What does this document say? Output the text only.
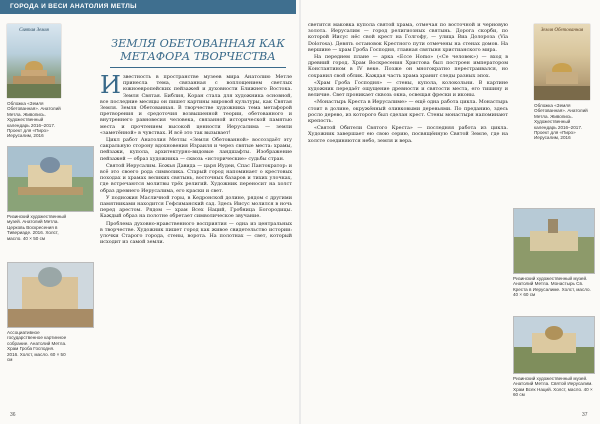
ГОРОДА И ВЕСИ АНАТОЛИЯ МЕТЛЫ
Святая Земля
Обложка «Земля Обетованная». Анатолий Метла. Живопись. Художественный календарь 2016–2017. Проект для «Пиро» Иерусалим, 2016
Ризинский художественный музей. Анатолий Метла. Церковь Воскресения в Тивериаде. 2016. Холст, масло. 40 × 50 см
Ассоциативное государственное картинное собрание. Анатолий Метла. Храм Гроба Господня. 2016. Холст, масло. 60 × 50 см
ЗЕМЛЯ ОБЕТОВАННАЯ КАК МЕТАФОРА ТВОРЧЕСТВА
И звестность в пространстве музеев мира Анатолию Метле принесла тема, связанная с воплощением светлых южноевропейских пейзажей и духовности Ближнего Востока. Земля Святая. Библия, Коран стала для художника основной, все последние месяцы он пишет картины мировой культуры, как Святая Земля. Земля Обетованная. В творчестве художника тема метафорой претворения и средоточия возвышенной теории, обетованного и внутреннего равновесия человека, связанной исторической памятью места и прочтением высокой ценности Иерусалима — земли «заметённой» в чувствах. И всё это так вызывает!

Цикл работ Анатолия Метлы «Земля Обетованной» воссоздаёт эту сакральную сторону вдохновения Израиля и через святые места: храмы, пейзажи, купола, архитектурно-видовые ландшафты. Изображение пейзажей — образ художника — сквозь «исторические» судьбы стран.

Святой Иерусалим. Божья Давида — царя Иудеи, Спас Пантократор: и всё это своего рода символика. Старый город напоминает о крестовых походах и храмах великих святынь, восточных базаров и тихих улочках, где встречаются молитвы трёх религий. Художник переносит на холст образ древнего Иерусалима, его краски и свет.

У подножия Масличной горы, в Кедронской долине, рядом с другими памятниками находится Гефсиманский сад. Здесь Иисус молился в ночь перед арестом. Рядом — храм Всех Наций, Гробница Богородицы. Каждый образ на полотне обретает символическое звучание.

Проблема духовно-нравственного восприятия — одна из центральных в творчестве. Художник пишет город как живое свидетельство истории: улочки Старого города, стены, ворота. На полотнах — свет, который исходит из самой земли.

светится маковка купола святой храма, отмечая по восточной и черновую золота. Иерусалим — город религиозных святынь. Дорога скорби, по которой Иисус нёс свой крест на Голгофу, — улица Виа Долороза (Via Dolorosa). Девять остановок Крестного пути отмечены на стенах домов. На вершине — храм Гроба Господня, главная святыня христианского мира.

На переднем плане — арка «Ecce Homo» («Се человек») — вход в древний город. Храм Воскресения Христова был построен императором Константином в IV веке. Позже он многократно перестраивался, но сохранил свой облик. Каждая часть храма хранит следы разных эпох.

«Храм Гроба Господня» — стены, купола, колокольни. В картине художник передаёт ощущение древности и святости места, его тишину и величие. Свет проникает сквозь окна, освещая фрески и иконы.

«Монастырь Креста в Иерусалиме» — ещё одна работа цикла. Монастырь стоит в долине, окружённый оливковыми деревьями. По преданию, здесь росло дерево, из которого был сделан крест. Стены монастыря напоминают крепость.

«Святой Обители Святого Креста» — последняя работа из цикла. Художник завершает ею свою серию, посвящённую Святой Земле, где на холсте соединяются небо, земля и вера.

Земля Обетованная
Обложка «Земля Обетованная». Анатолий Метла. Живопись. Художественный календарь 2016–2017. Проект для «Пиро» Иерусалим, 2016
Ризинский художественный музей. Анатолий Метла. Монастырь Св. Креста в Иерусалиме. Холст, масло. 40 × 60 см
Ризинский художественный музей. Анатолий Метла. Святой Иерусалим. Храм Всех Наций. Холст, масло. 40 × 60 см
36	37
